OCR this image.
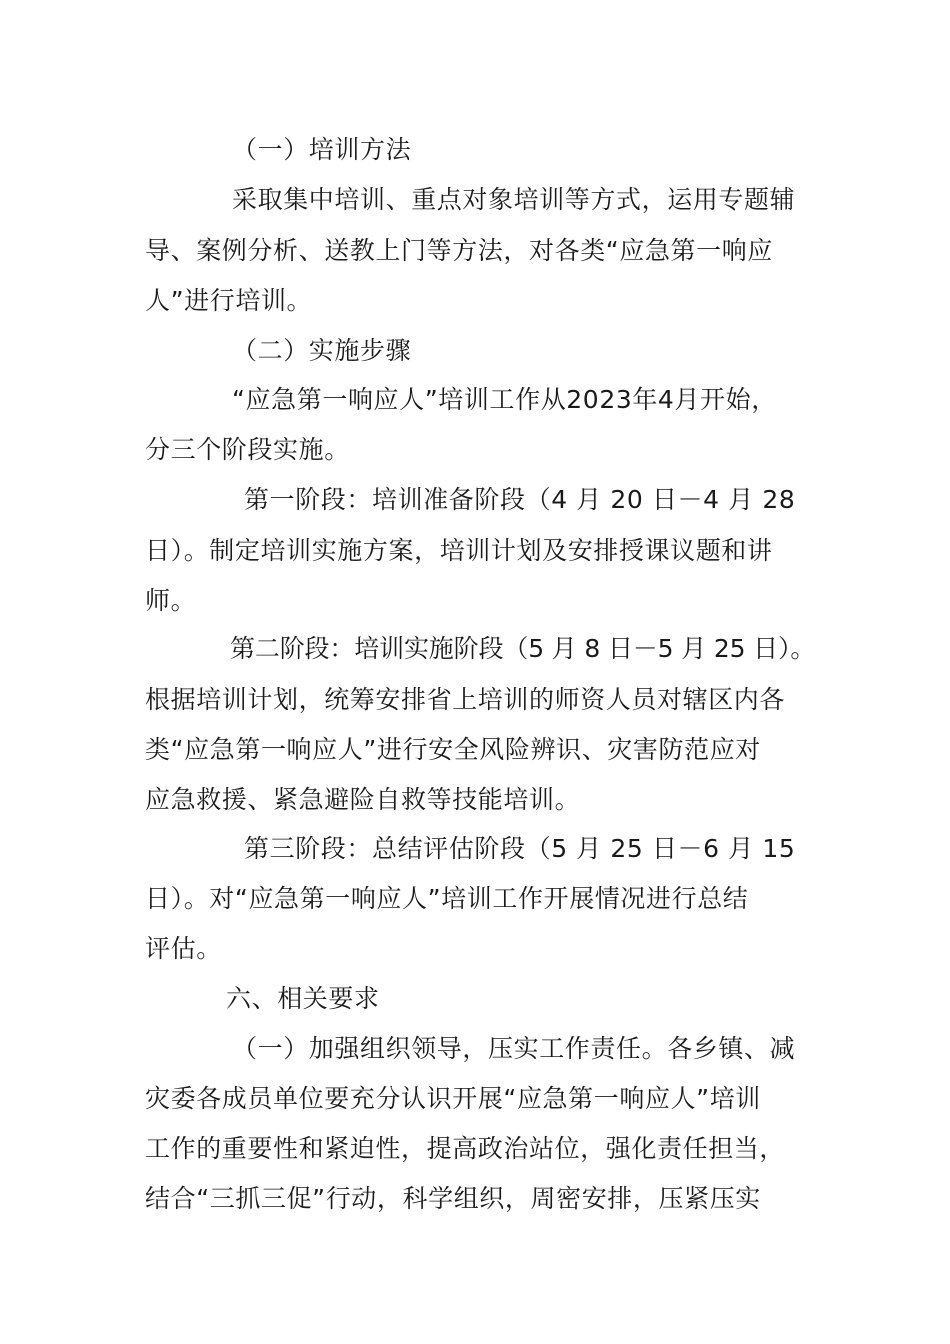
（一）培训方法
采取集中培训、重点对象培训等方式，运用专题辅
导、案例分析、送教上门等方法，对各类“应急第一响应
人”进行培训。
（二）实施步骤
“应急第一响应人”培训工作从2023年4月开始，
分三个阶段实施。
第一阶段：培训准备阶段（4 月 20 日－4 月 28
日）。制定培训实施方案，培训计划及安排授课议题和讲
师。
第二阶段：培训实施阶段（5 月 8 日－5 月 25 日）。
根据培训计划，统筹安排省上培训的师资人员对辖区内各
类“应急第一响应人”进行安全风险辨识、灾害防范应对
应急救援、紧急避险自救等技能培训。
第三阶段：总结评估阶段（5 月 25 日－6 月 15
日）。对“应急第一响应人”培训工作开展情况进行总结
评估。
六、相关要求
（一）加强组织领导，压实工作责任。各乡镇、减
灾委各成员单位要充分认识开展“应急第一响应人”培训
工作的重要性和紧迫性，提高政治站位，强化责任担当，
结合“三抓三促”行动，科学组织，周密安排，压紧压实
